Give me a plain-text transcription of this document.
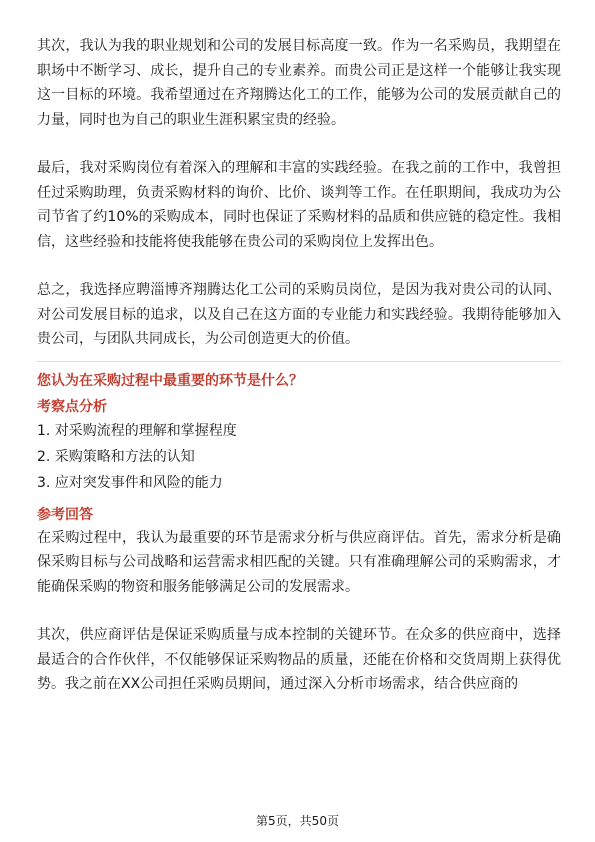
其次，我认为我的职业规划和公司的发展目标高度一致。作为一名采购员，我期望在职场中不断学习、成长，提升自己的专业素养。而贵公司正是这样一个能够让我实现这一目标的环境。我希望通过在齐翔腾达化工的工作，能够为公司的发展贡献自己的力量，同时也为自己的职业生涯积累宝贵的经验。

最后，我对采购岗位有着深入的理解和丰富的实践经验。在我之前的工作中，我曾担任过采购助理，负责采购材料的询价、比价、谈判等工作。在任职期间，我成功为公司节省了约10%的采购成本，同时也保证了采购材料的品质和供应链的稳定性。我相信，这些经验和技能将使我能够在贵公司的采购岗位上发挥出色。

总之，我选择应聘淄博齐翔腾达化工公司的采购员岗位，是因为我对贵公司的认同、对公司发展目标的追求，以及自己在这方面的专业能力和实践经验。我期待能够加入贵公司，与团队共同成长，为公司创造更大的价值。

您认为在采购过程中最重要的环节是什么？

考察点分析

1. 对采购流程的理解和掌握程度

2. 采购策略和方法的认知

3. 应对突发事件和风险的能力

参考回答

在采购过程中，我认为最重要的环节是需求分析与供应商评估。首先，需求分析是确保采购目标与公司战略和运营需求相匹配的关键。只有准确理解公司的采购需求，才能确保采购的物资和服务能够满足公司的发展需求。

其次，供应商评估是保证采购质量与成本控制的关键环节。在众多的供应商中，选择最适合的合作伙伴，不仅能够保证采购物品的质量，还能在价格和交货周期上获得优势。我之前在XX公司担任采购员期间，通过深入分析市场需求，结合供应商的

第5页，共50页
